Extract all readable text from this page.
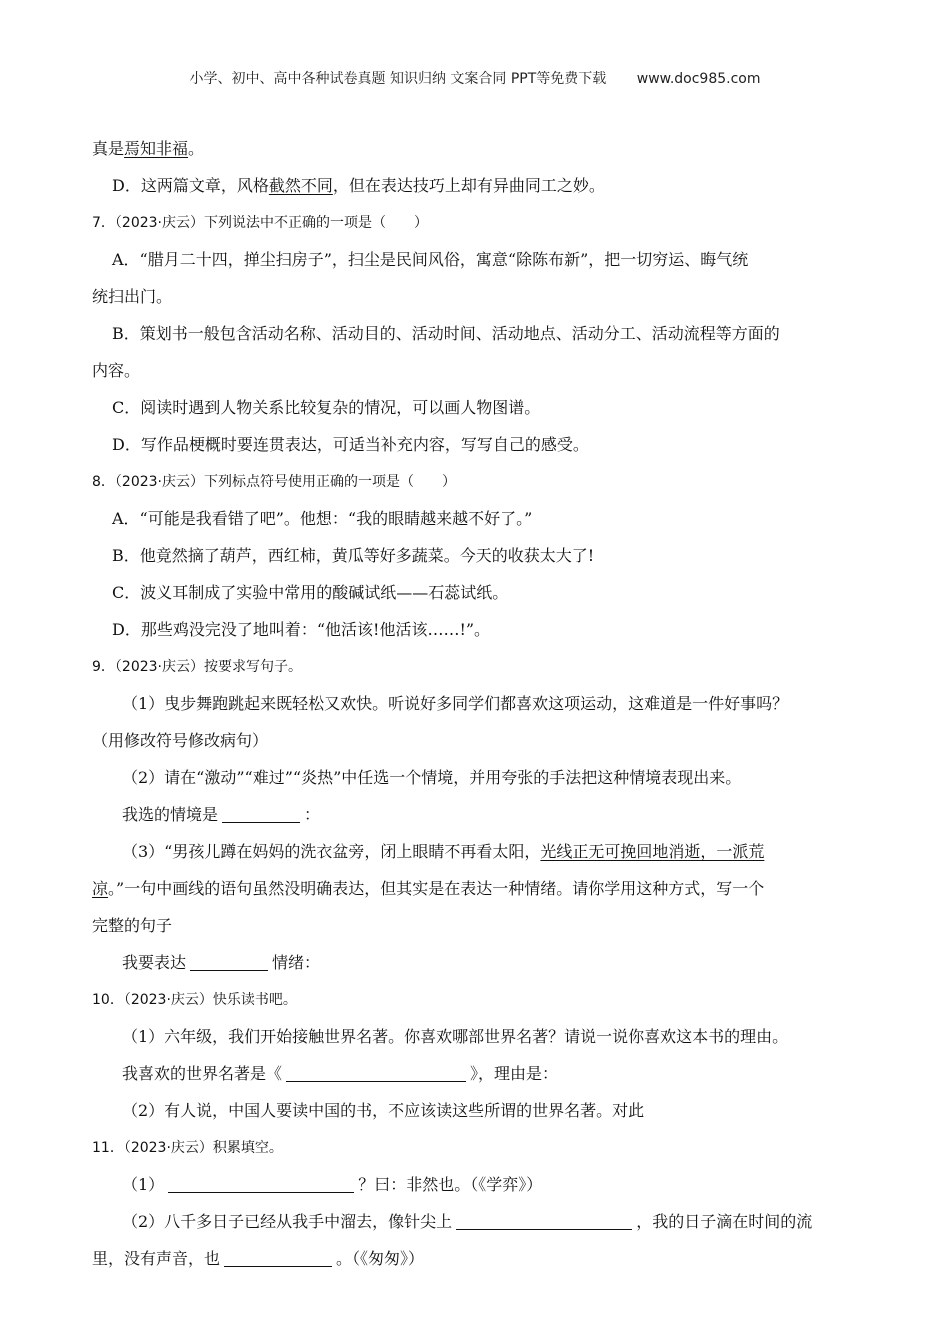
小学、初中、高中各种试卷真题 知识归纳 文案合同 PPT等免费下载 www.doc985.com

真是焉知非福。

D．这两篇文章，风格截然不同，但在表达技巧上却有异曲同工之妙。

7．（2023·庆云）下列说法中不正确的一项是（　　）

A．“腊月二十四，掸尘扫房子”，扫尘是民间风俗，寓意“除陈布新”，把一切穷运、晦气统

统扫出门。

B．策划书一般包含活动名称、活动目的、活动时间、活动地点、活动分工、活动流程等方面的

内容。

C．阅读时遇到人物关系比较复杂的情况，可以画人物图谱。

D．写作品梗概时要连贯表达，可适当补充内容，写写自己的感受。

8．（2023·庆云）下列标点符号使用正确的一项是（　　）

A．“可能是我看错了吧”。他想：“我的眼睛越来越不好了。”

B．他竟然摘了葫芦，西红柿，黄瓜等好多蔬菜。今天的收获太大了!

C．波义耳制成了实验中常用的酸碱试纸——石蕊试纸。

D．那些鸡没完没了地叫着：“他活该!他活该……!”。

9．（2023·庆云）按要求写句子。

（1）曳步舞跑跳起来既轻松又欢快。听说好多同学们都喜欢这项运动，这难道是一件好事吗？

（用修改符号修改病句）

（2）请在“激动”“难过”“炎热”中任选一个情境，并用夸张的手法把这种情境表现出来。

我选的情境是	：

（3）“男孩儿蹲在妈妈的洗衣盆旁，闭上眼睛不再看太阳，光线正无可挽回地消逝，一派荒

凉。”一句中画线的语句虽然没明确表达，但其实是在表达一种情绪。请你学用这种方式，写一个

完整的句子

我要表达	情绪：

10．（2023·庆云）快乐读书吧。

（1）六年级，我们开始接触世界名著。你喜欢哪部世界名著？请说一说你喜欢这本书的理由。

我喜欢的世界名著是《	》，理由是：

（2）有人说，中国人要读中国的书，不应该读这些所谓的世界名著。对此

11．（2023·庆云）积累填空。

（1）	？曰：非然也。（《学弈》）

（2）八千多日子已经从我手中溜去，像针尖上	，我的日子滴在时间的流

里，没有声音，也	。（《匆匆》）
